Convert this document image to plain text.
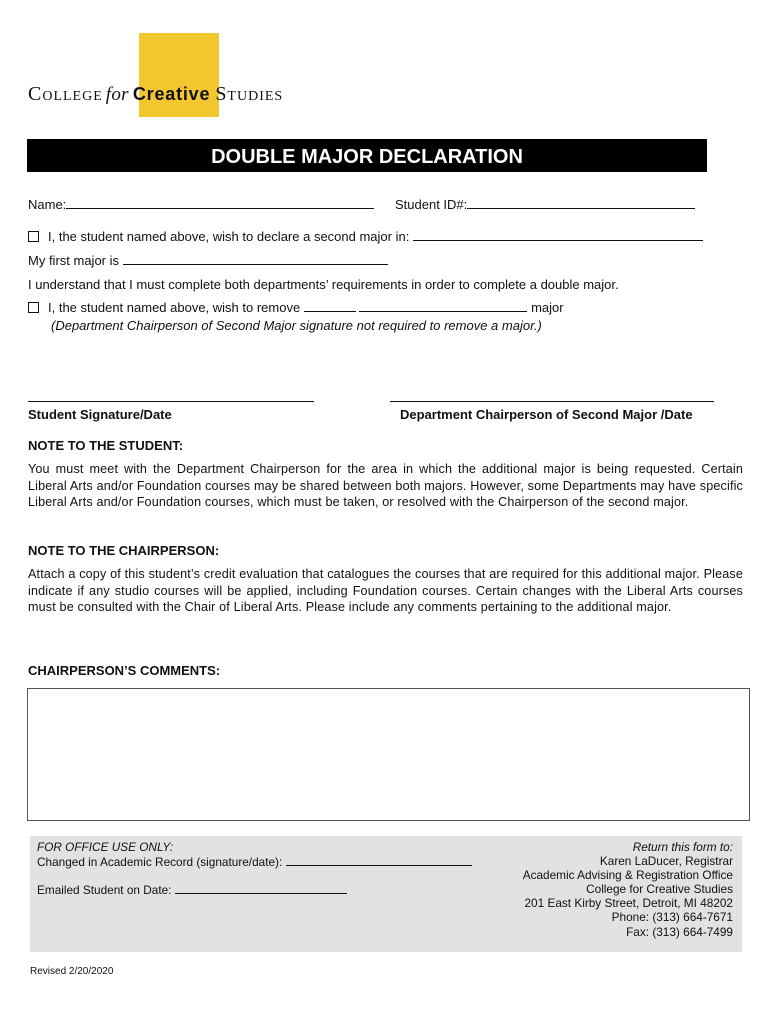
College for Creative Studies
DOUBLE MAJOR DECLARATION
Name:	Student ID#:
I, the student named above, wish to declare a second major in:
My first major is
I understand that I must complete both departments’ requirements in order to complete a double major.
I, the student named above, wish to remove	major
(Department Chairperson of Second Major signature not required to remove a major.)
Student Signature/Date	Department Chairperson of Second Major /Date
NOTE TO THE STUDENT:
You must meet with the Department Chairperson for the area in which the additional major is being requested. Certain Liberal Arts and/or Foundation courses may be shared between both majors. However, some Departments may have specific Liberal Arts and/or Foundation courses, which must be taken, or resolved with the Chairperson of the second major.
NOTE TO THE CHAIRPERSON:
Attach a copy of this student’s credit evaluation that catalogues the courses that are required for this additional major. Please indicate if any studio courses will be applied, including Foundation courses. Certain changes with the Liberal Arts courses must be consulted with the Chair of Liberal Arts. Please include any comments pertaining to the additional major.
CHAIRPERSON’S COMMENTS:
FOR OFFICE USE ONLY:
Changed in Academic Record (signature/date):
Emailed Student on Date:
Return this form to:
Karen LaDucer, Registrar
Academic Advising & Registration Office
College for Creative Studies
201 East Kirby Street, Detroit, MI 48202
Phone: (313) 664-7671
Fax: (313) 664-7499
Revised 2/20/2020
